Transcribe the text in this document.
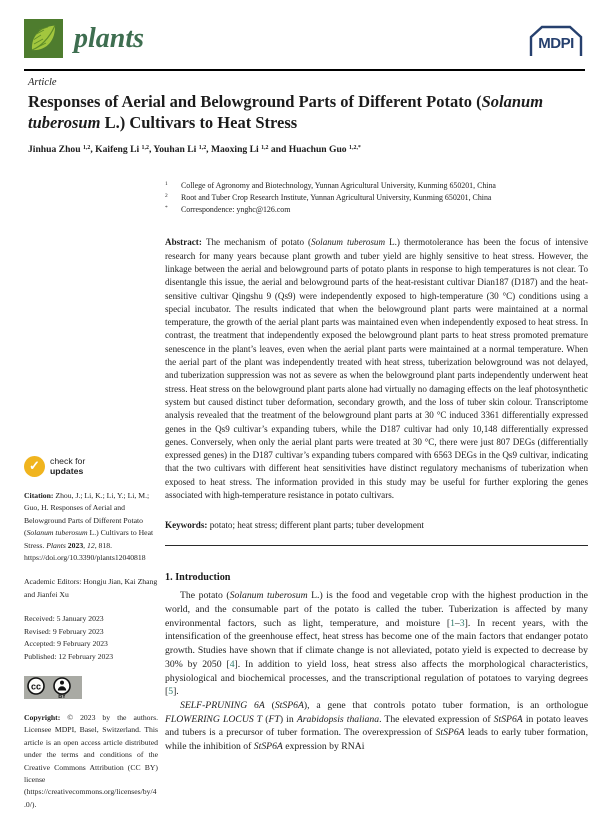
plants	MDPI
Article
Responses of Aerial and Belowground Parts of Different Potato (Solanum tuberosum L.) Cultivars to Heat Stress
Jinhua Zhou $^{1,2}$, Kaifeng Li $^{1,2}$, Youhan Li $^{1,2}$, Maoxing Li $^{1,2}$ and Huachun Guo $^{1,2,*}$
1	College of Agronomy and Biotechnology, Yunnan Agricultural University, Kunming 650201, China
2	Root and Tuber Crop Research Institute, Yunnan Agricultural University, Kunming 650201, China
*	Correspondence: ynghc@126.com

Abstract: The mechanism of potato (Solanum tuberosum L.) thermotolerance has been the focus of intensive research for many years because plant growth and tuber yield are highly sensitive to heat stress. However, the linkage between the aerial and belowground parts of potato plants in response to high temperatures is not clear. To disentangle this issue, the aerial and belowground parts of the heat-resistant cultivar Dian187 (D187) and the heat-sensitive cultivar Qingshu 9 (Qs9) were independently exposed to high-temperature (30 °C) conditions using a special incubator. The results indicated that when the belowground plant parts were maintained at a normal temperature, the growth of the aerial plant parts was maintained even when independently exposed to heat stress. In contrast, the treatment that independently exposed the belowground plant parts to heat stress promoted premature senescence in the plant’s leaves, even when the aerial plant parts were maintained at a normal temperature. When the aerial part of the plant was independently treated with heat stress, tuberization belowground was not delayed, and tuberization suppression was not as severe as when the belowground plant parts independently underwent heat stress. Heat stress on the belowground plant parts alone had virtually no damaging effects on the leaf photosynthetic system but caused distinct tuber deformation, secondary growth, and the loss of tuber skin colour. Transcriptome analysis revealed that the treatment of the belowground plant parts at 30 °C induced 3361 differentially expressed genes in the Qs9 cultivar’s expanding tubers, while the D187 cultivar had only 10,148 differentially expressed genes. Conversely, when only the aerial plant parts were treated at 30 °C, there were just 807 DEGs (differentially expressed genes) in the D187 cultivar’s expanding tubers compared with 6563 DEGs in the Qs9 cultivar, indicating that the two cultivars with different heat sensitivities have distinct regulatory mechanisms of tuberization when exposed to heat stress. The information provided in this study may be useful for further exploring the genes associated with high-temperature resistance in potato cultivars.

Keywords: potato; heat stress; different plant parts; tuber development

1. Introduction

The potato (Solanum tuberosum L.) is the food and vegetable crop with the highest production in the world, and the consumable part of the potato is called the tuber. Tuberization is affected by many environmental factors, such as light, temperature, and moisture [1–3]. In recent years, with the intensification of the greenhouse effect, heat stress has become one of the main factors that endanger potato growth. Studies have shown that if climate change is not alleviated, potato yield is expected to decrease by 30% by 2050 [4]. In addition to yield loss, heat stress also affects the morphological characteristics, physiological and biochemical processes, and the transcriptional regulation of potatoes to varying degrees [5].

SELF-PRUNING 6A (StSP6A), a gene that controls potato tuber formation, is an orthologue FLOWERING LOCUS T (FT) in Arabidopsis thaliana. The elevated expression of StSP6A in potato leaves and tubers is a precursor of tuber formation. The overexpression of StSP6A leads to early tuber formation, while the inhibition of StSP6A expression by RNAi

✓	check for
updates

Citation: Zhou, J.; Li, K.; Li, Y.; Li, M.; Guo, H. Responses of Aerial and Belowground Parts of Different Potato (Solanum tuberosum L.) Cultivars to Heat Stress. Plants 2023, 12, 818. https://doi.org/10.3390/plants12040818

Academic Editors: Hongju Jian, Kai Zhang and Jianfei Xu

Received: 5 January 2023
Revised: 9 February 2023
Accepted: 9 February 2023
Published: 12 February 2023
cc
BY

Copyright: © 2023 by the authors. Licensee MDPI, Basel, Switzerland. This article is an open access article distributed under the terms and conditions of the Creative Commons Attribution (CC BY) license (https://creativecommons.org/licenses/by/4.0/).
